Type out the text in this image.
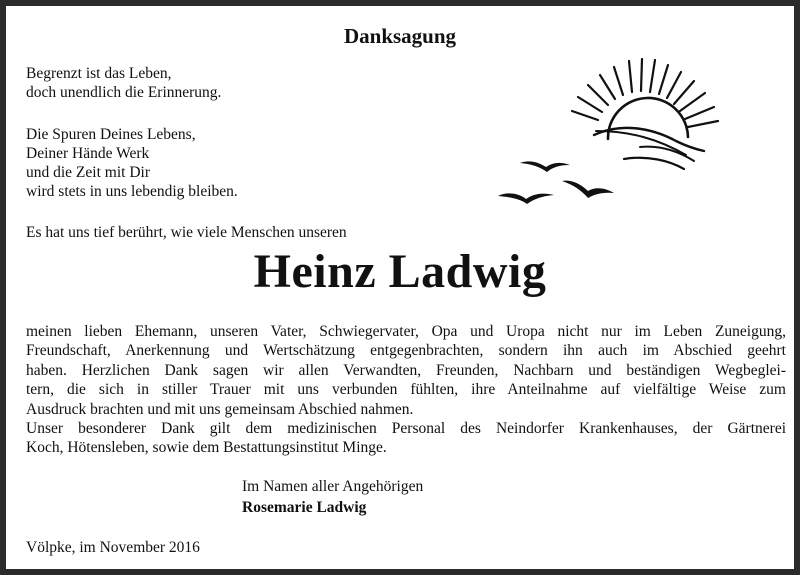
Danksagung
Begrenzt ist das Leben,
doch unendlich die Erinnerung.
Die Spuren Deines Lebens,
Deiner Hände Werk
und die Zeit mit Dir
wird stets in uns lebendig bleiben.
Es hat uns tief berührt, wie viele Menschen unseren
Heinz Ladwig
meinen lieben Ehemann, unseren Vater, Schwiegervater, Opa und Uropa nicht nur im Leben Zuneigung,
Freundschaft, Anerkennung und Wertschätzung entgegenbrachten, sondern ihn auch im Abschied geehrt
haben. Herzlichen Dank sagen wir allen Verwandten, Freunden, Nachbarn und beständigen Wegbeglei-
tern, die sich in stiller Trauer mit uns verbunden fühlten, ihre Anteilnahme auf vielfältige Weise zum
Ausdruck brachten und mit uns gemeinsam Abschied nahmen.
Unser besonderer Dank gilt dem medizinischen Personal des Neindorfer Krankenhauses, der Gärtnerei
Koch, Hötensleben, sowie dem Bestattungsinstitut Minge.
Im Namen aller Angehörigen
Rosemarie Ladwig
Völpke, im November 2016
